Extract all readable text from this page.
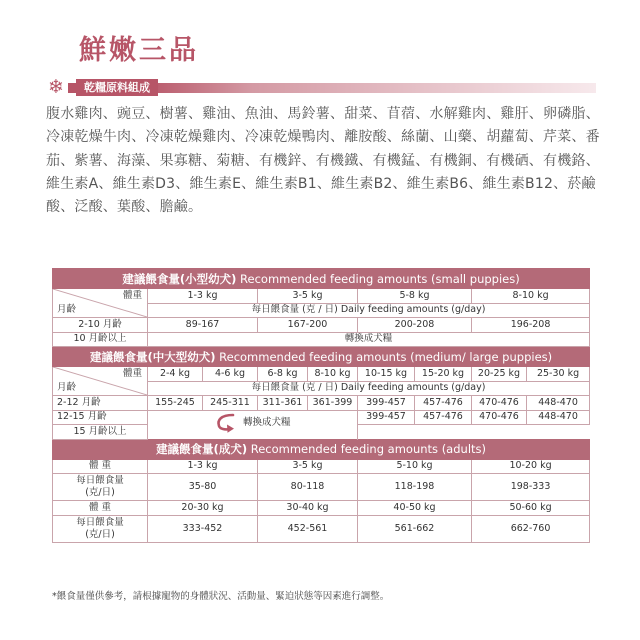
鮮嫩三品
❄	乾糧原料組成
腹水雞肉、豌豆、樹薯、雞油、魚油、馬鈴薯、甜菜、苜蓿、水解雞肉、雞肝、卵磷脂、冷凍乾燥牛肉、冷凍乾燥雞肉、冷凍乾燥鴨肉、離胺酸、絲蘭、山藥、胡蘿蔔、芹菜、番茄、紫薯、海藻、果寡糖、菊糖、有機鋅、有機鐵、有機錳、有機銅、有機硒、有機鉻、維生素A、維生素D3、維生素E、維生素B1、維生素B2、維生素B6、維生素B12、菸鹼酸、泛酸、葉酸、膽鹼。
建議餵食量(小型幼犬) Recommended feeding amounts (small puppies)								

體重
月齡	1-3 kg		3-5 kg		5-8 kg		8-10 kg	
	每日餵食量 (克 / 日) Daily feeding amounts (g/day)							
2-10 月齡	89-167		167-200		200-208		196-208	
10 月齡以上	轉換成犬糧							
建議餵食量(中大型幼犬) Recommended feeding amounts (medium/ large puppies)								

體重
月齡	2-4 kg	4-6 kg	6-8 kg	8-10 kg	10-15 kg	15-20 kg	20-25 kg	25-30 kg
	每日餵食量 (克 / 日) Daily feeding amounts (g/day)							
2-12 月齡	155-245	245-311	311-361	361-399	399-457	457-476	470-476	448-470
12-15 月齡	轉換成犬糧				399-457	457-476	470-476	448-470
15 月齡以上								
建議餵食量(成犬) Recommended feeding amounts (adults)								
體 重	1-3 kg		3-5 kg		5-10 kg		10-20 kg	
每日餵食量
(克/日)	35-80		80-118		118-198		198-333	
體 重	20-30 kg		30-40 kg		40-50 kg		50-60 kg	
每日餵食量
(克/日)	333-452		452-561		561-662		662-760	
*餵食量僅供參考，請根據寵物的身體狀況、活動量、緊迫狀態等因素進行調整。
